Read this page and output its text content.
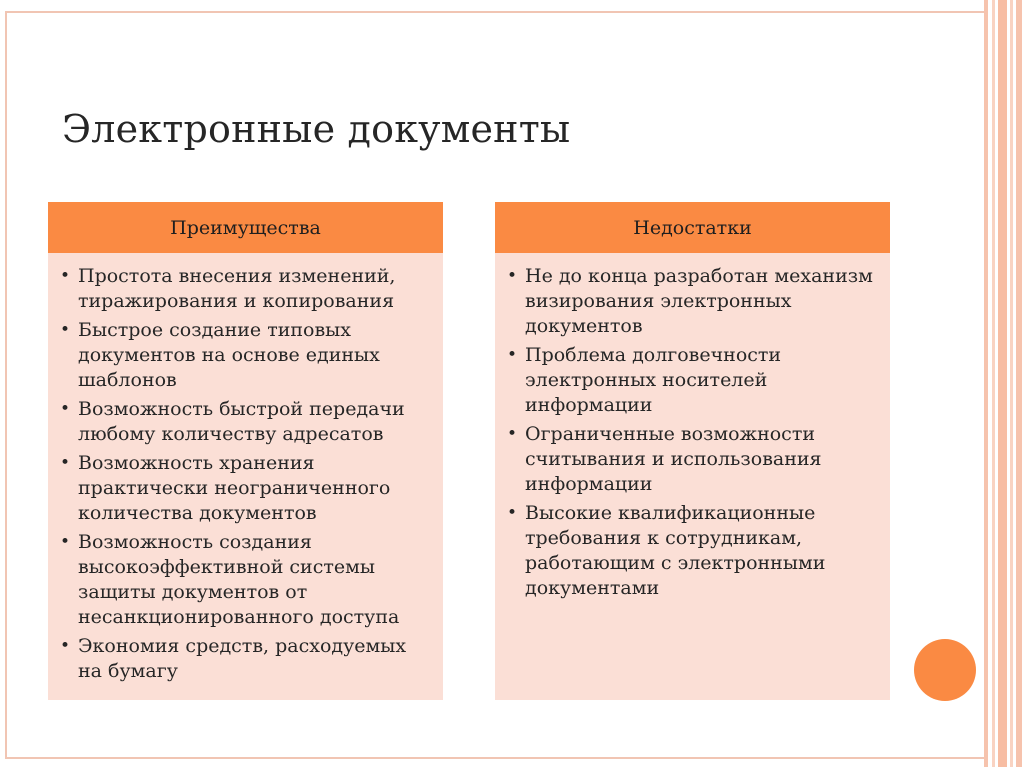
Электронные документы
Преимущества
• Простота внесения изменений, тиражирования и копирования
• Быстрое создание типовых документов на основе единых шаблонов
• Возможность быстрой передачи любому количеству адресатов
• Возможность хранения практически неограниченного количества документов
• Возможность создания высокоэффективной системы защиты документов от несанкционированного доступа
• Экономия средств, расходуемых на бумагу
Недостатки
• Не до конца разработан механизм визирования электронных документов
• Проблема долговечности электронных носителей информации
• Ограниченные возможности считывания и использования информации
• Высокие квалификационные требования к сотрудникам, работающим с электронными документами
